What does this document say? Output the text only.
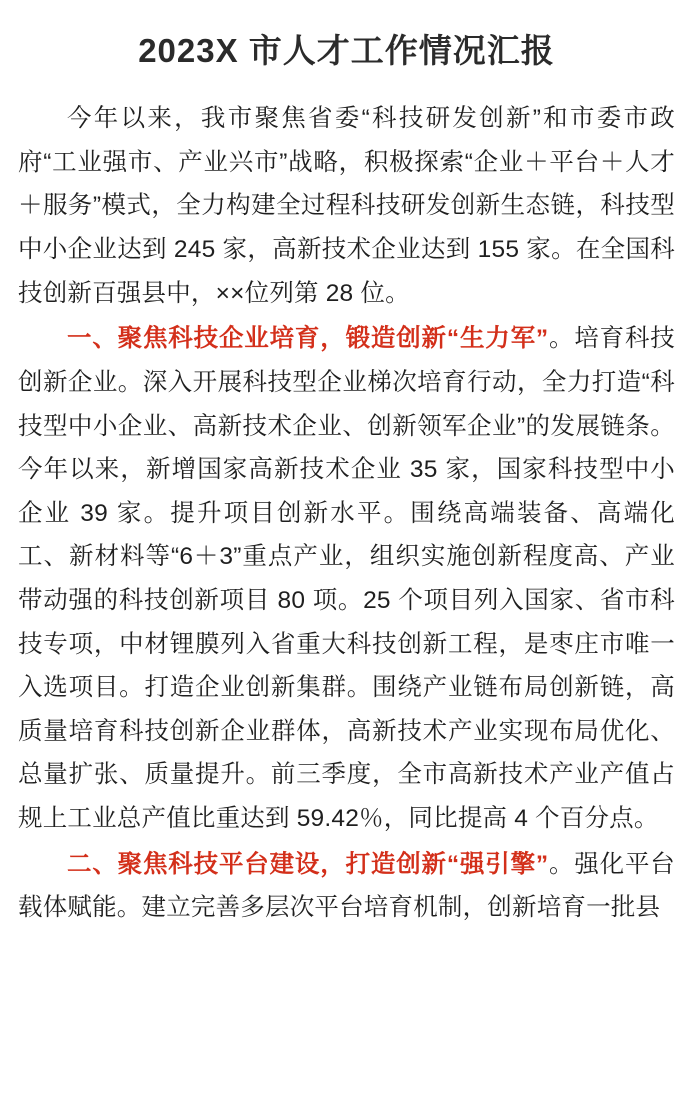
2023X 市人才工作情况汇报
今年以来，我市聚焦省委“科技研发创新”和市委市政府“工业强市、产业兴市”战略，积极探索“企业＋平台＋人才＋服务”模式，全力构建全过程科技研发创新生态链，科技型中小企业达到 245 家，高新技术企业达到 155 家。在全国科技创新百强县中，××位列第 28 位。
一、聚焦科技企业培育，锻造创新“生力军”。培育科技创新企业。深入开展科技型企业梯次培育行动，全力打造“科技型中小企业、高新技术企业、创新领军企业”的发展链条。今年以来，新增国家高新技术企业 35 家，国家科技型中小企业 39 家。提升项目创新水平。围绕高端装备、高端化工、新材料等“6＋3”重点产业，组织实施创新程度高、产业带动强的科技创新项目 80 项。25 个项目列入国家、省市科技专项，中材锂膜列入省重大科技创新工程，是枣庄市唯一入选项目。打造企业创新集群。围绕产业链布局创新链，高质量培育科技创新企业群体，高新技术产业实现布局优化、总量扩张、质量提升。前三季度，全市高新技术产业产值占规上工业总产值比重达到 59.42％，同比提高 4 个百分点。
二、聚焦科技平台建设，打造创新“强引擎”。强化平台载体赋能。建立完善多层次平台培育机制，创新培育一批县
